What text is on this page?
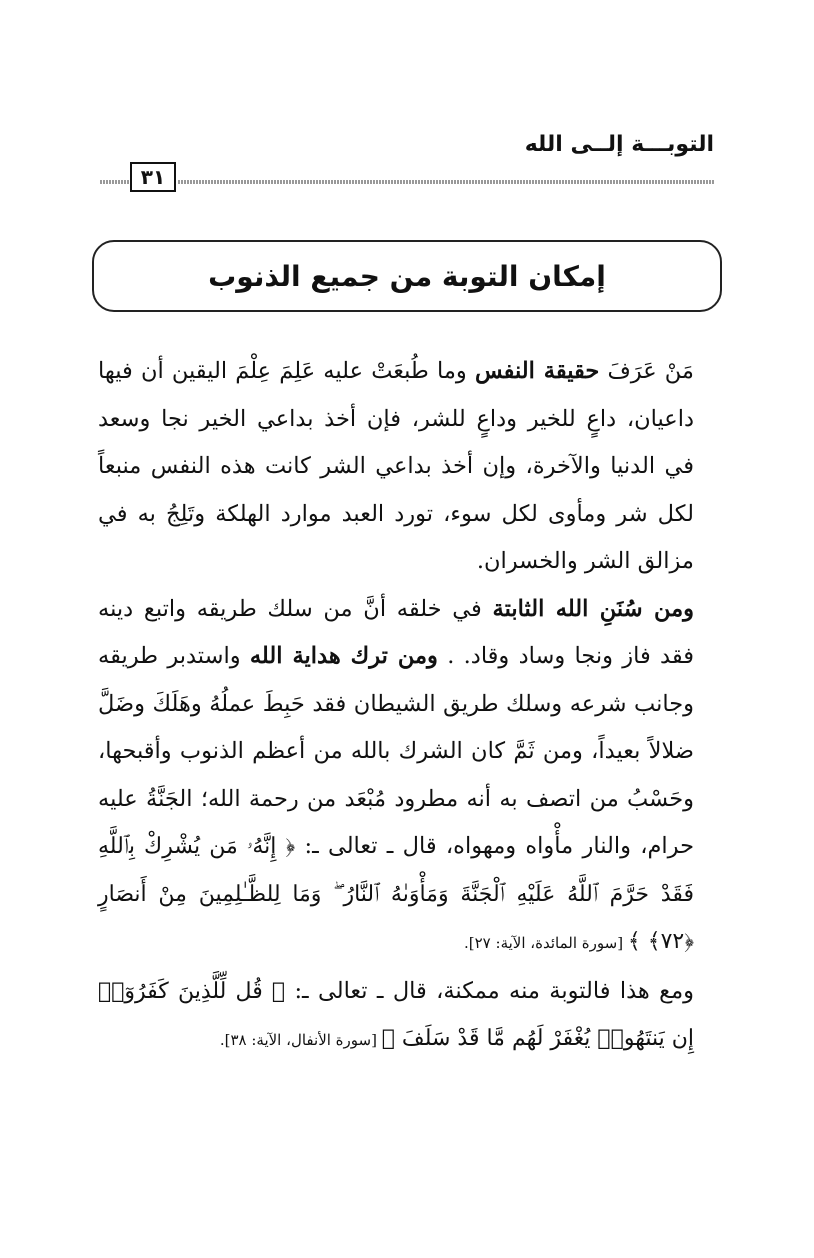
التوبـــة إلــى الله
٣١
إمكان التوبة من جميع الذنوب

مَنْ عَرَفَ حقيقة النفس وما طُبعَتْ عليه عَلِمَ عِلْمَ اليقين أن فيها داعيان، داعٍ للخير وداعٍ للشر، فإن أخذ بداعي الخير نجا وسعد في الدنيا والآخرة، وإن أخذ بداعي الشر كانت هذه النفس منبعاً لكل شر ومأوى لكل سوء، تورد العبد موارد الهلكة وتَلِجُ به في مزالق الشر والخسران.

ومن سُنَنِ الله الثابتة في خلقه أنَّ من سلك طريقه واتبع دينه فقد فاز ونجا وساد وقاد. . ومن ترك هداية الله واستدبر طريقه وجانب شرعه وسلك طريق الشيطان فقد حَبِطَ عملُهُ وهَلَكَ وضَلَّ ضلالاً بعيداً، ومن ثَمَّ كان الشرك بالله من أعظم الذنوب وأقبحها، وحَسْبُ من اتصف به أنه مطرود مُبْعَد من رحمة الله؛ الجَنَّةُ عليه حرام، والنار مأْواه ومهواه، قال ـ تعالى ـ: ﴿ إِنَّهُۥ مَن يُشْرِكْ بِٱللَّهِ فَقَدْ حَرَّمَ ٱللَّهُ عَلَيْهِ ٱلْجَنَّةَ وَمَأْوَىٰهُ ٱلنَّارُ ۖ وَمَا لِلظَّـٰلِمِينَ مِنْ أَنصَارٍ ﴿٧٢﴾ ﴾ [سورة المائدة، الآية: ٢٧].

ومع هذا فالتوبة منه ممكنة، قال ـ تعالى ـ: ﴿ قُل لِّلَّذِينَ كَفَرُوٓا۟ إِن يَنتَهُوا۟ يُغْفَرْ لَهُم مَّا قَدْ سَلَفَ ﴾ [سورة الأنفال، الآية: ٣٨].
